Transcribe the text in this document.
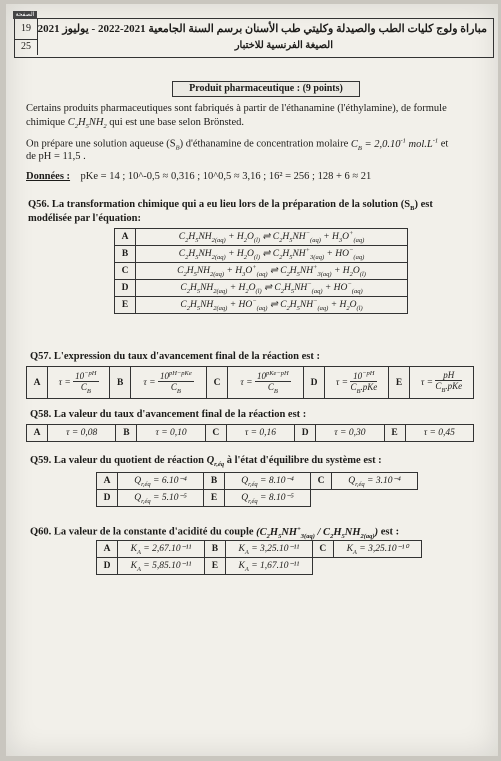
الصفحة
19
25
مباراة ولوج كليات الطب والصيدلة وكليتي طب الأسنان برسم السنة الجامعية 2021-2022 - يوليوز 2021
الصيغة الفرنسية للاختبار
Produit pharmaceutique : (9 points)
Certains produits pharmaceutiques sont fabriqués à partir de l'éthanamine (l'éthylamine), de formule
chimique $C_2H_5NH_2$ qui est une base selon Brönsted.
On prépare une solution aqueuse $(S_B)$ d'éthanamine de concentration molaire $C_B = 2,0.10^{-1}$ $mol.L^{-1}$ et
de pH = 11,5 .
Données : pKe = 14 ; 10^-0,5 ≈ 0,316 ; 10^0,5 ≈ 3,16 ; 16² = 256 ; 128 + 6 ≈ 21
Q56. La transformation chimique qui a eu lieu lors de la préparation de la solution $(S_B)$ est
modélisée par l'équation:
A	$C_2H_5NH_{2(aq)} + H_2O_{(l)}$ ⇌ $C_2H_5NH^-_{(aq)} + H_3O^+_{(aq)}$
B	$C_2H_5NH_{2(aq)} + H_2O_{(l)}$ ⇌ $C_2H_5NH^+_{3(aq)} + HO^-_{(aq)}$
C	$C_2H_5NH_{2(aq)} + H_3O^+_{(aq)}$ ⇌ $C_2H_5NH^+_{3(aq)} + H_2O_{(l)}$
D	$C_2H_5NH_{2(aq)} + H_2O_{(l)}$ ⇌ $C_2H_5NH^-_{(aq)} + HO^-_{(aq)}$
E	$C_2H_5NH_{2(aq)} + HO^-_{(aq)}$ ⇌ $C_2H_5NH^-_{(aq)} + H_2O_{(l)}$
Q57. L'expression du taux d'avancement final de la réaction est :
A	$\tau = \frac{10^{-pH}}{C_B}$	B	$\tau = \frac{10^{pH-pKe}}{C_B}$	C	$\tau = \frac{10^{pKe-pH}}{C_B}$	D	$\tau = \frac{10^{-pH}}{C_B.pKe}$	E	$\tau = \frac{pH}{C_B.pKe}$
Q58. La valeur du taux d'avancement final de la réaction est :
A	τ = 0,08	B	τ = 0,10	C	τ = 0,16	D	τ = 0,30	E	τ = 0,45
Q59. La valeur du quotient de réaction $Q_{r,éq}$ à l'état d'équilibre du système est :
A	$Q_{r,éq} = 6.10^{-4}$	B	$Q_{r,éq} = 8.10^{-4}$	C	$Q_{r,éq} = 3.10^{-4}$
D	$Q_{r,éq} = 5.10^{-5}$	E	$Q_{r,éq} = 8.10^{-5}$		
Q60. La valeur de la constante d'acidité du couple $(C_2H_5NH^+_{3(aq)} / C_2H_5NH_{2(aq)})$ est :
A	$K_A = 2,67.10^{-11}$	B	$K_A = 3,25.10^{-11}$	C	$K_A = 3,25.10^{-10}$
D	$K_A = 5,85.10^{-11}$	E	$K_A = 1,67.10^{-11}$		
